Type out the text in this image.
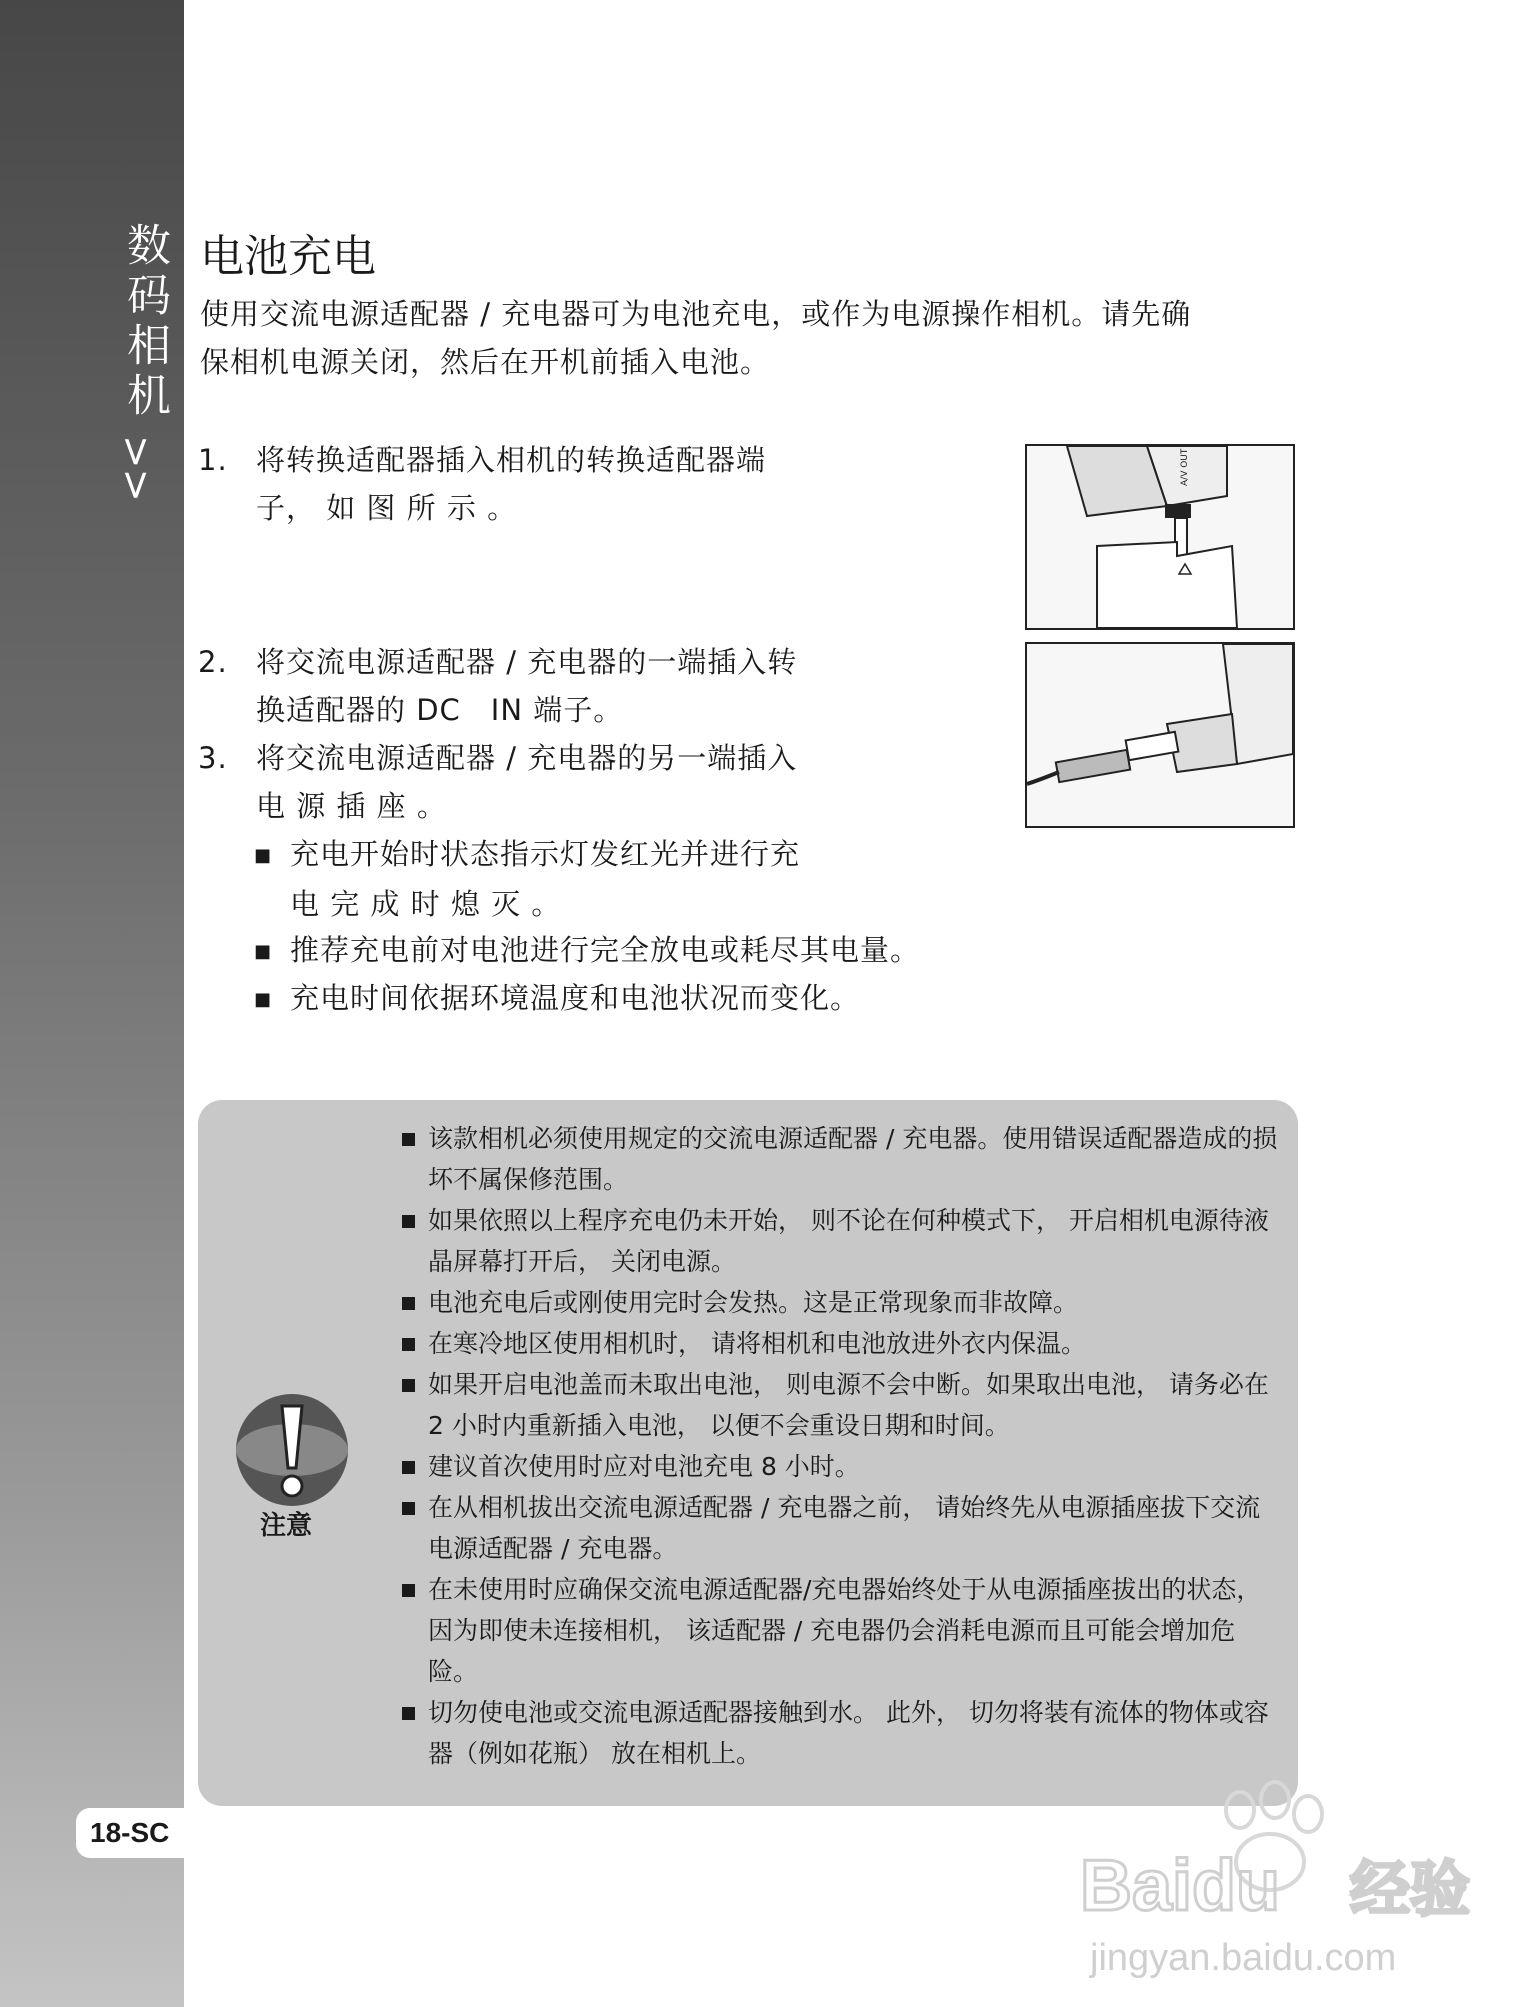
数码相机
>>
18-SC
电池充电
使用交流电源适配器 / 充电器可为电池充电，或作为电源操作相机。请先确
保相机电源关闭，然后在开机前插入电池。
1. 将转换适配器插入相机的转换适配器端
子， 如 图 所 示 。
2. 将交流电源适配器 / 充电器的一端插入转
换适配器的 DC　IN 端子。
3. 将交流电源适配器 / 充电器的另一端插入
电 源 插 座 。
■ 充电开始时状态指示灯发红光并进行充
电 完 成 时 熄 灭 。
■ 推荐充电前对电池进行完全放电或耗尽其电量。
■ 充电时间依据环境温度和电池状况而变化。
A/V OUT
注意
该款相机必须使用规定的交流电源适配器 / 充电器。使用错误适配器造成的损坏不属保修范围。
如果依照以上程序充电仍未开始， 则不论在何种模式下， 开启相机电源待液晶屏幕打开后， 关闭电源。
电池充电后或刚使用完时会发热。这是正常现象而非故障。
在寒冷地区使用相机时， 请将相机和电池放进外衣内保温。
如果开启电池盖而未取出电池， 则电源不会中断。如果取出电池， 请务必在 2 小时内重新插入电池， 以便不会重设日期和时间。
建议首次使用时应对电池充电 8 小时。
在从相机拔出交流电源适配器 / 充电器之前， 请始终先从电源插座拔下交流电源适配器 / 充电器。
在未使用时应确保交流电源适配器/充电器始终处于从电源插座拔出的状态， 因为即使未连接相机， 该适配器 / 充电器仍会消耗电源而且可能会增加危险。
切勿使电池或交流电源适配器接触到水。 此外， 切勿将装有流体的物体或容器（例如花瓶） 放在相机上。
Baidu 经验
jingyan.baidu.com
